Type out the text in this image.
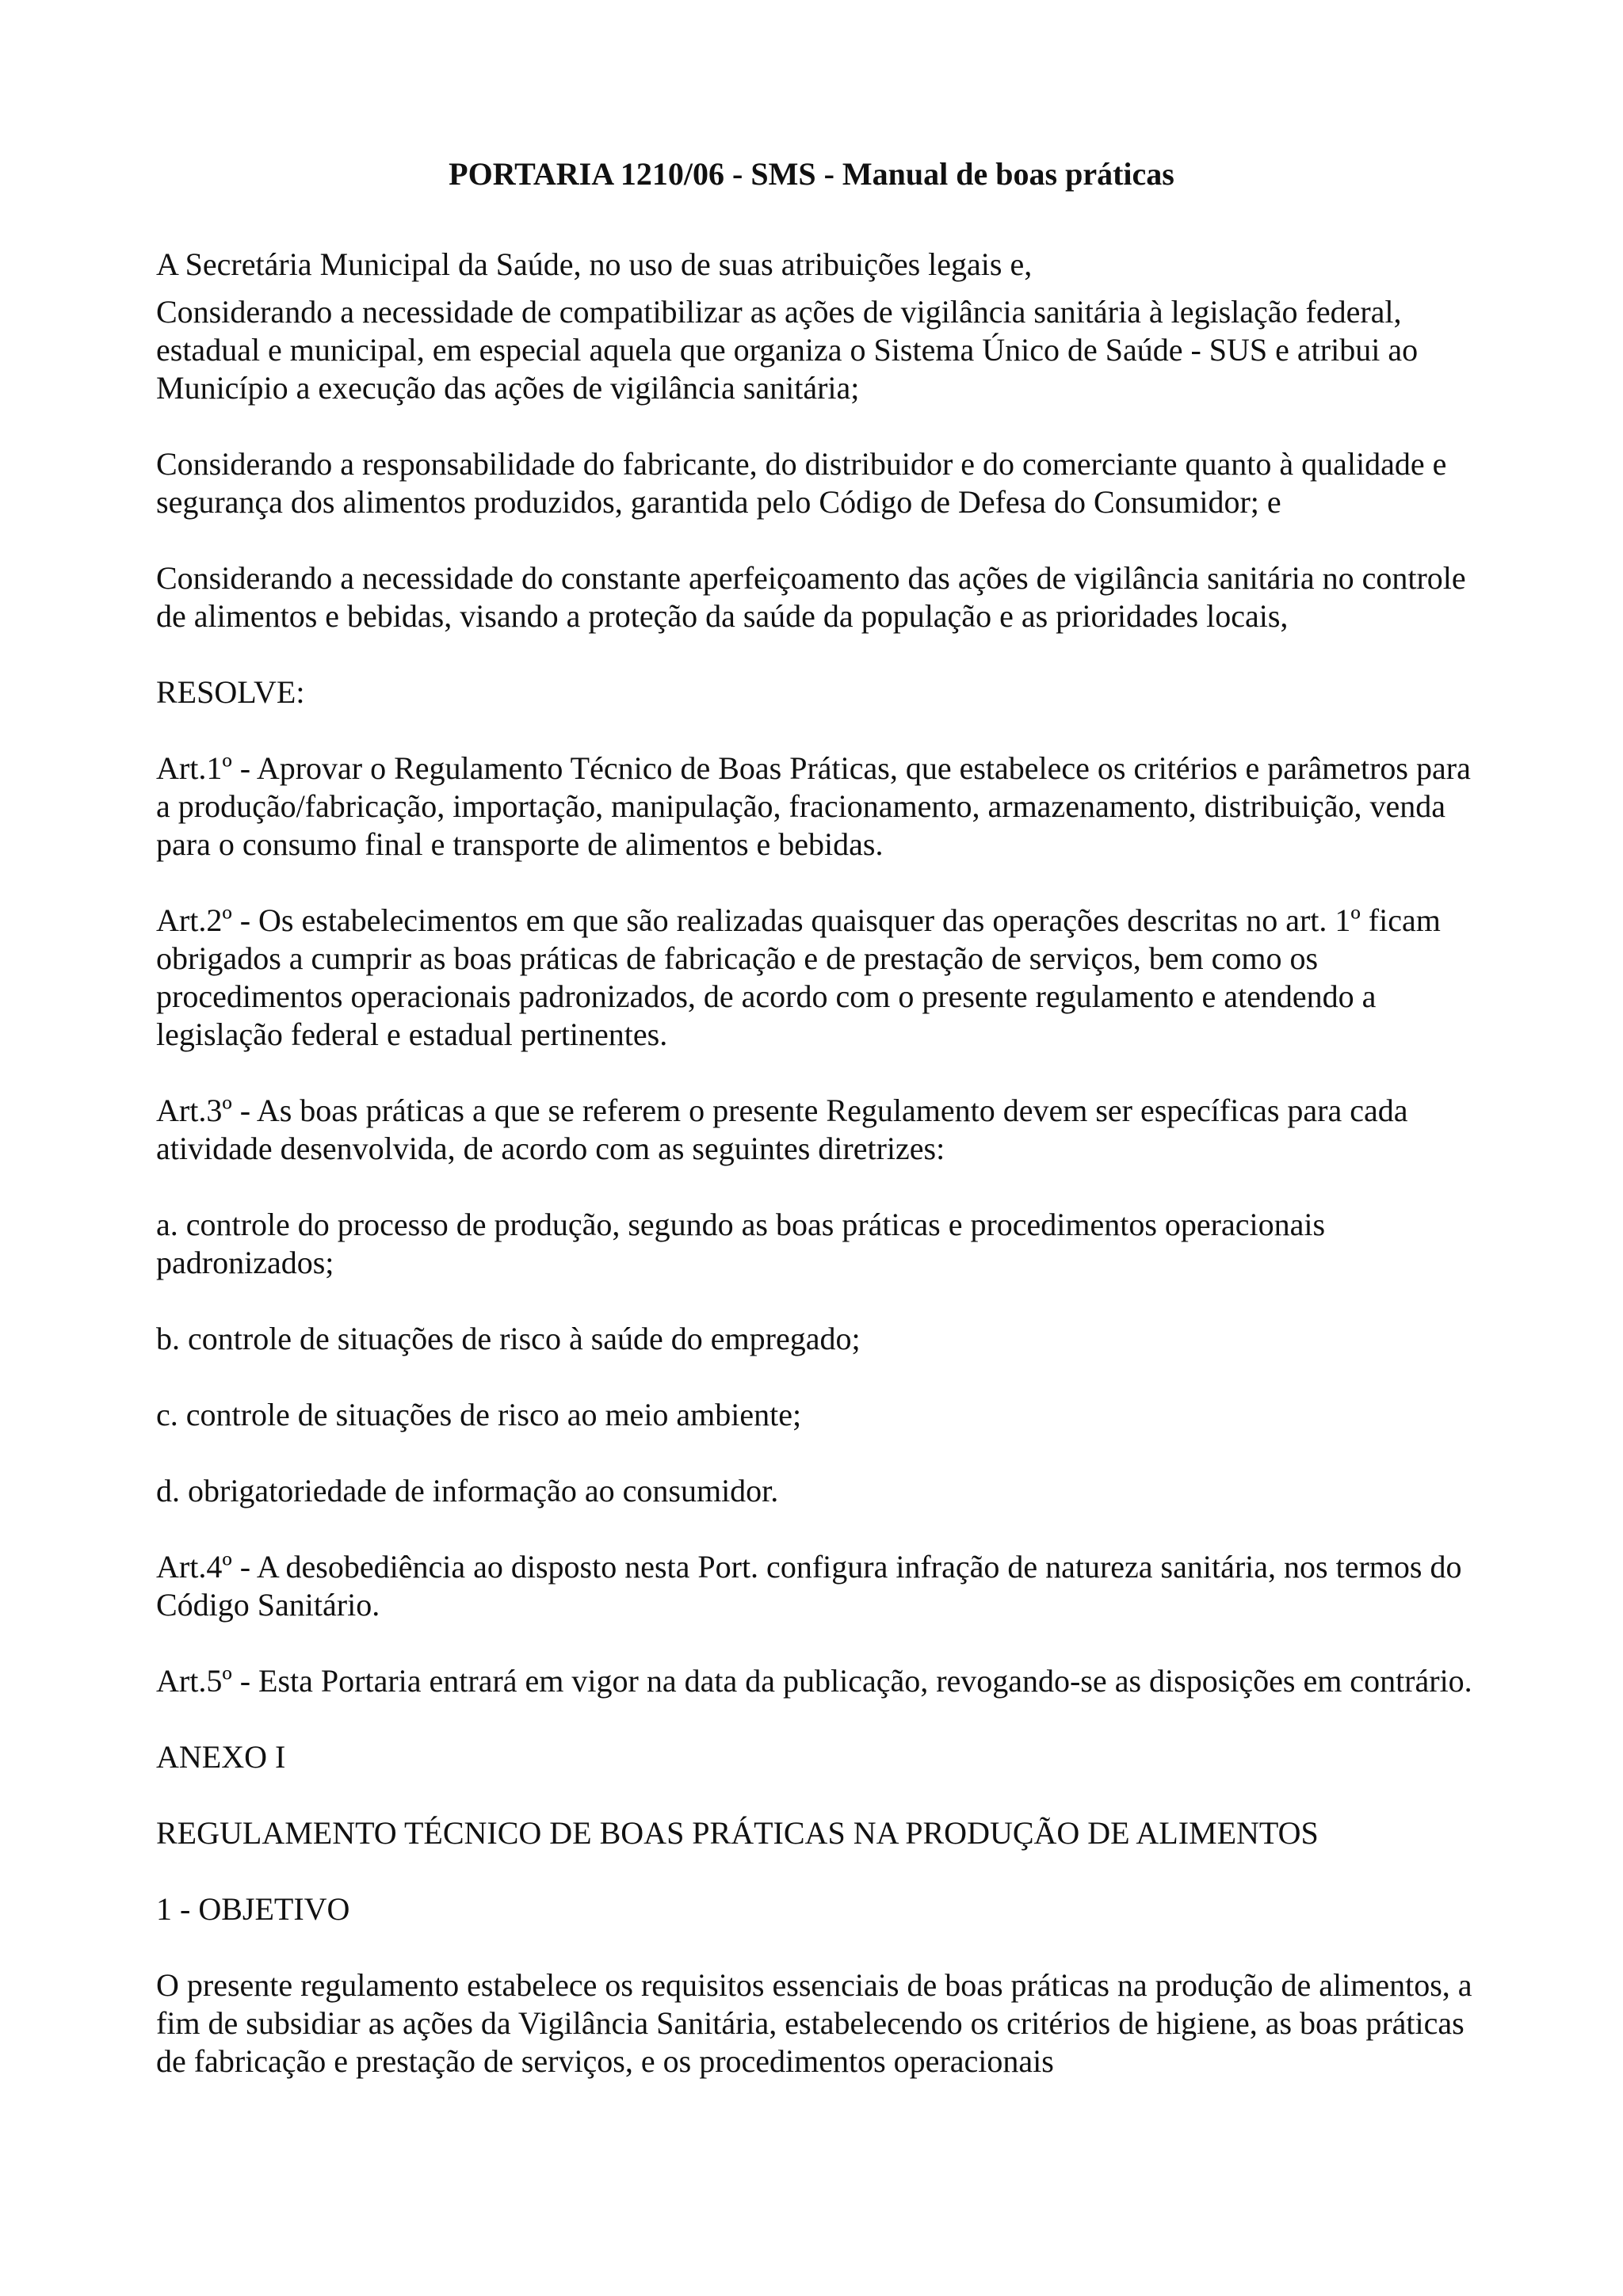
PORTARIA 1210/06 - SMS - Manual de boas práticas

A Secretária Municipal da Saúde, no uso de suas atribuições legais e,

Considerando a necessidade de compatibilizar as ações de vigilância sanitária à legislação federal, estadual e municipal, em especial aquela que organiza o Sistema Único de Saúde - SUS e atribui ao Município a execução das ações de vigilância sanitária;

Considerando a responsabilidade do fabricante, do distribuidor e do comerciante quanto à qualidade e segurança dos alimentos produzidos, garantida pelo Código de Defesa do Consumidor; e

Considerando a necessidade do constante aperfeiçoamento das ações de vigilância sanitária no controle de alimentos e bebidas, visando a proteção da saúde da população e as prioridades locais,

RESOLVE:

Art.1º - Aprovar o Regulamento Técnico de Boas Práticas, que estabelece os critérios e parâmetros para a produção/fabricação, importação, manipulação, fracionamento, armazenamento, distribuição, venda para o consumo final e transporte de alimentos e bebidas.

Art.2º - Os estabelecimentos em que são realizadas quaisquer das operações descritas no art. 1º ficam obrigados a cumprir as boas práticas de fabricação e de prestação de serviços, bem como os procedimentos operacionais padronizados, de acordo com o presente regulamento e atendendo a legislação federal e estadual pertinentes.

Art.3º - As boas práticas a que se referem o presente Regulamento devem ser específicas para cada atividade desenvolvida, de acordo com as seguintes diretrizes:

a. controle do processo de produção, segundo as boas práticas e procedimentos operacionais padronizados;

b. controle de situações de risco à saúde do empregado;

c. controle de situações de risco ao meio ambiente;

d. obrigatoriedade de informação ao consumidor.

Art.4º - A desobediência ao disposto nesta Port. configura infração de natureza sanitária, nos termos do Código Sanitário.

Art.5º - Esta Portaria entrará em vigor na data da publicação, revogando-se as disposições em contrário.

ANEXO I

REGULAMENTO TÉCNICO DE BOAS PRÁTICAS NA PRODUÇÃO DE ALIMENTOS

1 - OBJETIVO

O presente regulamento estabelece os requisitos essenciais de boas práticas na produção de alimentos, a fim de subsidiar as ações da Vigilância Sanitária, estabelecendo os critérios de higiene, as boas práticas de fabricação e prestação de serviços, e os procedimentos operacionais
